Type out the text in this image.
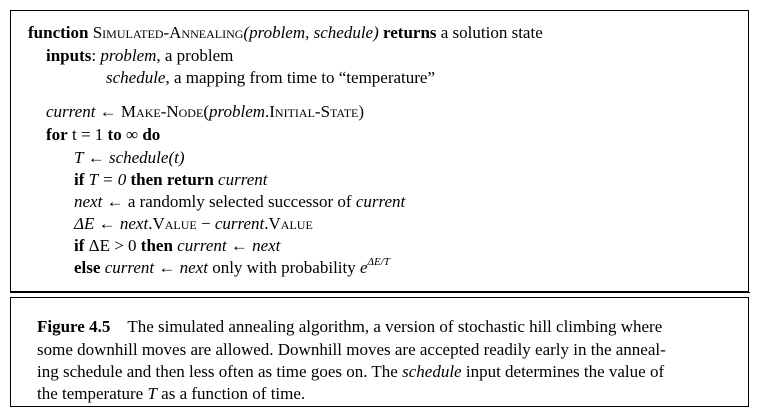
function Simulated-Annealing(problem, schedule) returns a solution state
inputs: problem, a problem
schedule, a mapping from time to “temperature”
current ← Make-Node(problem.Initial-State)
for t = 1 to ∞ do
T ← schedule(t)
if T = 0 then return current
next ← a randomly selected successor of current
ΔE ← next.Value − current.Value
if ΔE > 0 then current ← next
else current ← next only with probability $e^{\Delta E/T}$
Figure 4.5 The simulated annealing algorithm, a version of stochastic hill climbing where
some downhill moves are allowed. Downhill moves are accepted readily early in the anneal-
ing schedule and then less often as time goes on. The schedule input determines the value of
the temperature T as a function of time.
